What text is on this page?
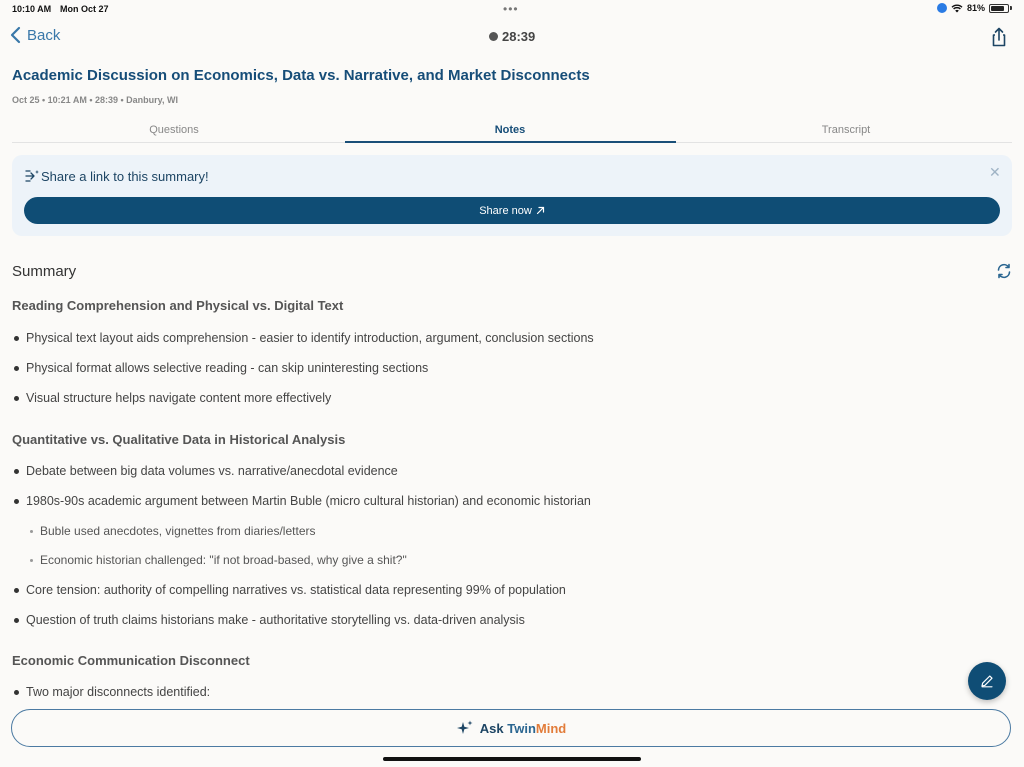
10:10 AM Mon Oct 27	•••	81%
Back	28:39
Academic Discussion on Economics, Data vs. Narrative, and Market Disconnects
Oct 25 • 10:21 AM • 28:39 • Danbury, WI
Questions	Notes	Transcript
Share a link to this summary!	✕
Share now
Summary
Reading Comprehension and Physical vs. Digital Text
Physical text layout aids comprehension - easier to identify introduction, argument, conclusion sections
Physical format allows selective reading - can skip uninteresting sections
Visual structure helps navigate content more effectively
Quantitative vs. Qualitative Data in Historical Analysis
Debate between big data volumes vs. narrative/anecdotal evidence
1980s-90s academic argument between Martin Buble (micro cultural historian) and economic historian
Buble used anecdotes, vignettes from diaries/letters
Economic historian challenged: "if not broad-based, why give a shit?"
Core tension: authority of compelling narratives vs. statistical data representing 99% of population
Question of truth claims historians make - authoritative storytelling vs. data-driven analysis
Economic Communication Disconnect
Two major disconnects identified:
Ask TwinMind
